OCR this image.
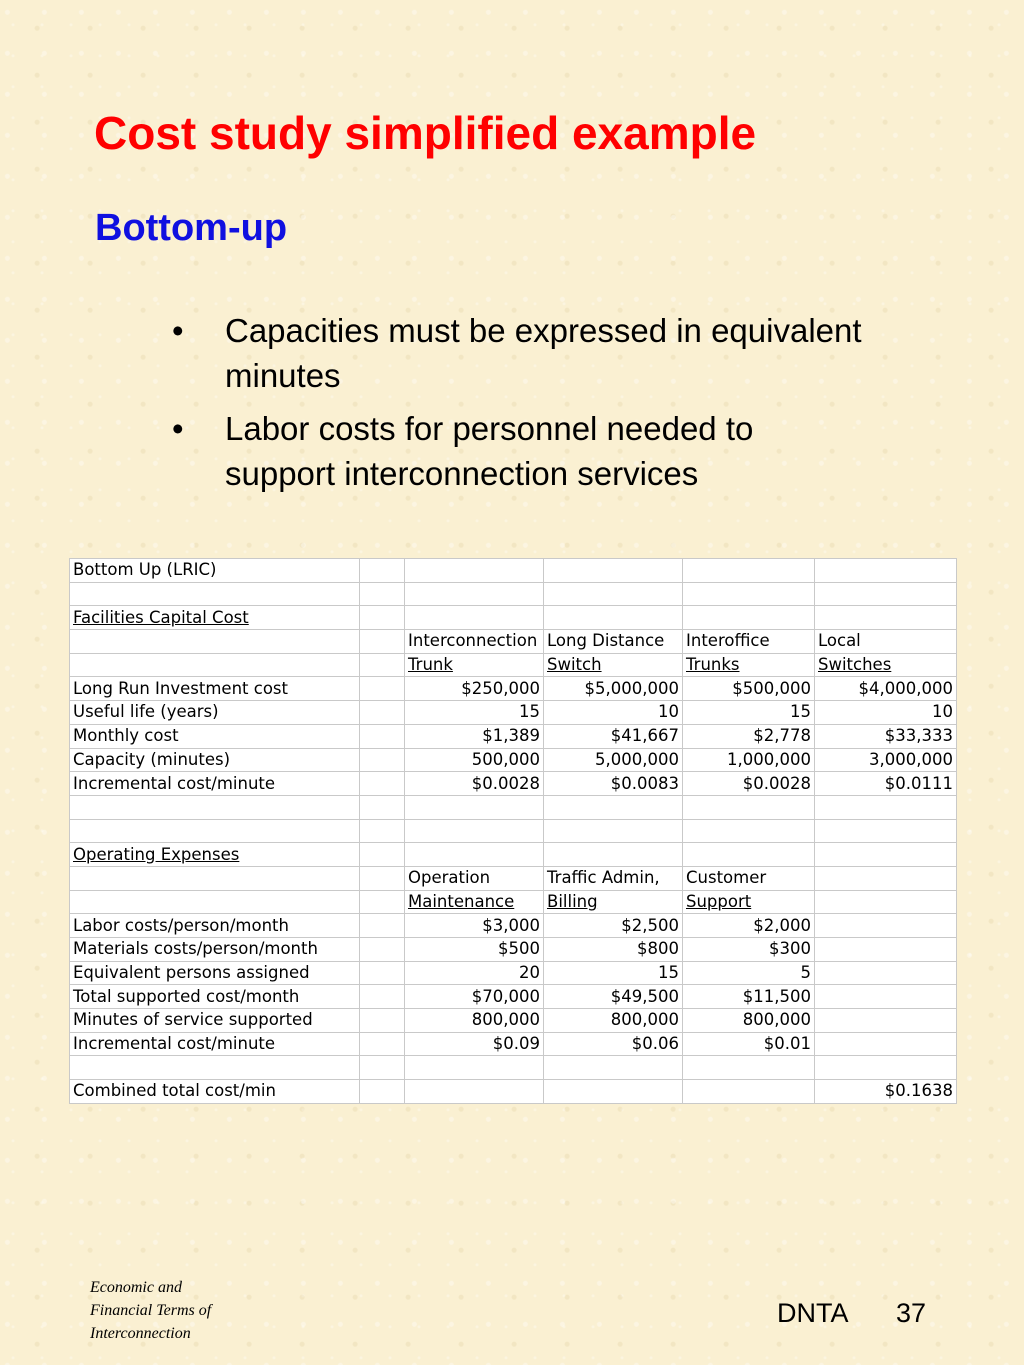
Cost study simplified example
Bottom-up
• Capacities must be expressed in equivalent minutes
• Labor costs for personnel needed to support interconnection services
Bottom Up (LRIC)					

Facilities Capital Cost					
		Interconnection	Long Distance	Interoffice	Local
		Trunk	Switch	Trunks	Switches
Long Run Investment cost		$250,000	$5,000,000	$500,000	$4,000,000
Useful life (years)		15	10	15	10
Monthly cost		$1,389	$41,667	$2,778	$33,333
Capacity (minutes)		500,000	5,000,000	1,000,000	3,000,000
Incremental cost/minute		$0.0028	$0.0083	$0.0028	$0.0111

Operating Expenses					
		Operation	Traffic Admin,	Customer	
		Maintenance	Billing	Support	
Labor costs/person/month		$3,000	$2,500	$2,000	
Materials costs/person/month		$500	$800	$300	
Equivalent persons assigned		20	15	5	
Total supported cost/month		$70,000	$49,500	$11,500	
Minutes of service supported		800,000	800,000	800,000	
Incremental cost/minute		$0.09	$0.06	$0.01	

Combined total cost/min					$0.1638
Economic and
Financial Terms of
Interconnection
DNTA 37
